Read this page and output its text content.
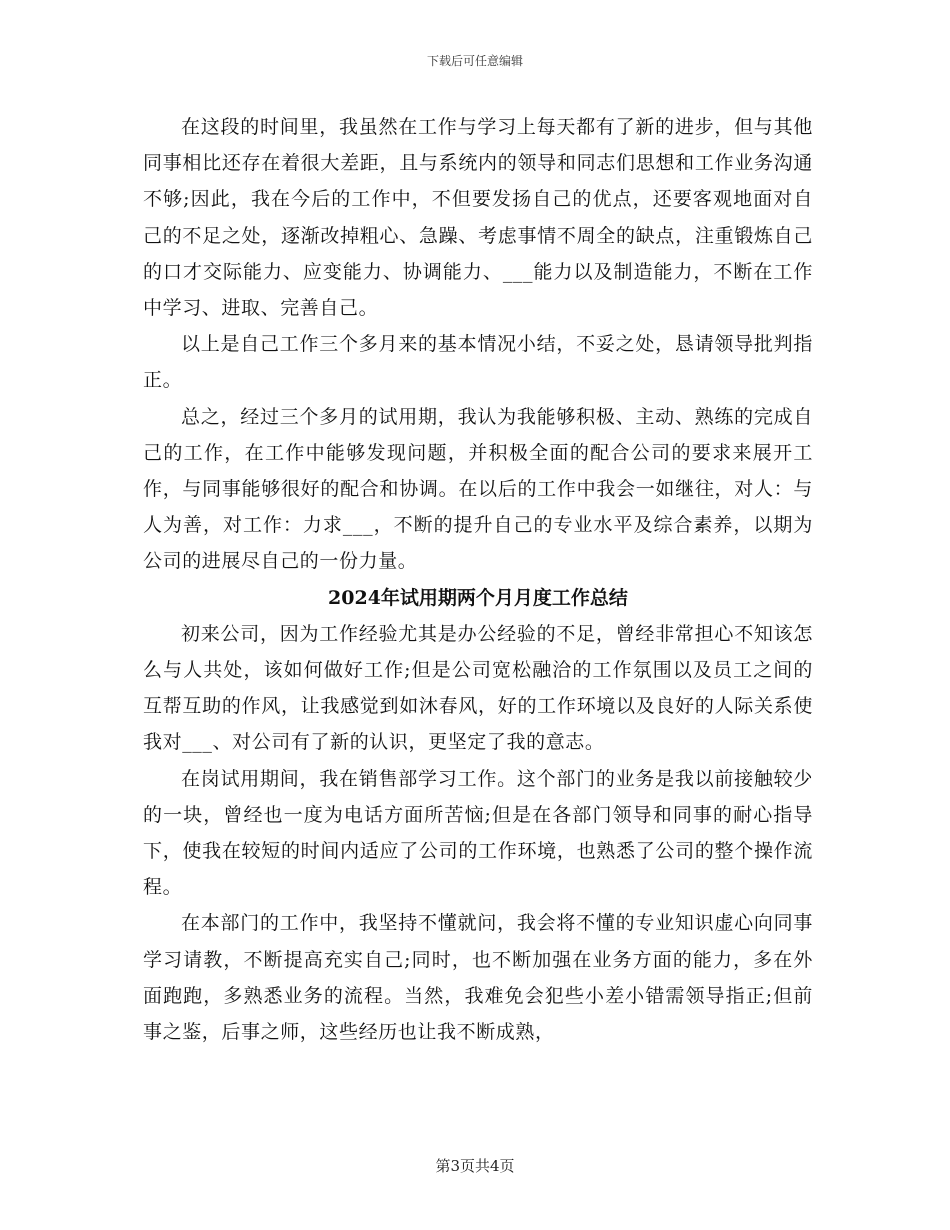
下载后可任意编辑

在这段的时间里，我虽然在工作与学习上每天都有了新的进步，但与其他同事相比还存在着很大差距，且与系统内的领导和同志们思想和工作业务沟通不够;因此，我在今后的工作中，不但要发扬自己的优点，还要客观地面对自己的不足之处，逐渐改掉粗心、急躁、考虑事情不周全的缺点，注重锻炼自己的口才交际能力、应变能力、协调能力、___能力以及制造能力，不断在工作中学习、进取、完善自己。

以上是自己工作三个多月来的基本情况小结，不妥之处，恳请领导批判指正。

总之，经过三个多月的试用期，我认为我能够积极、主动、熟练的完成自己的工作，在工作中能够发现问题，并积极全面的配合公司的要求来展开工作，与同事能够很好的配合和协调。在以后的工作中我会一如继往，对人：与人为善，对工作：力求___，不断的提升自己的专业水平及综合素养，以期为公司的进展尽自己的一份力量。

2024年试用期两个月月度工作总结

初来公司，因为工作经验尤其是办公经验的不足，曾经非常担心不知该怎么与人共处，该如何做好工作;但是公司宽松融洽的工作氛围以及员工之间的互帮互助的作风，让我感觉到如沐春风，好的工作环境以及良好的人际关系使我对___、对公司有了新的认识，更坚定了我的意志。

在岗试用期间，我在销售部学习工作。这个部门的业务是我以前接触较少的一块，曾经也一度为电话方面所苦恼;但是在各部门领导和同事的耐心指导下，使我在较短的时间内适应了公司的工作环境，也熟悉了公司的整个操作流程。

在本部门的工作中，我坚持不懂就问，我会将不懂的专业知识虚心向同事学习请教，不断提高充实自己;同时，也不断加强在业务方面的能力，多在外面跑跑，多熟悉业务的流程。当然，我难免会犯些小差小错需领导指正;但前事之鉴，后事之师，这些经历也让我不断成熟，

第3页共4页
